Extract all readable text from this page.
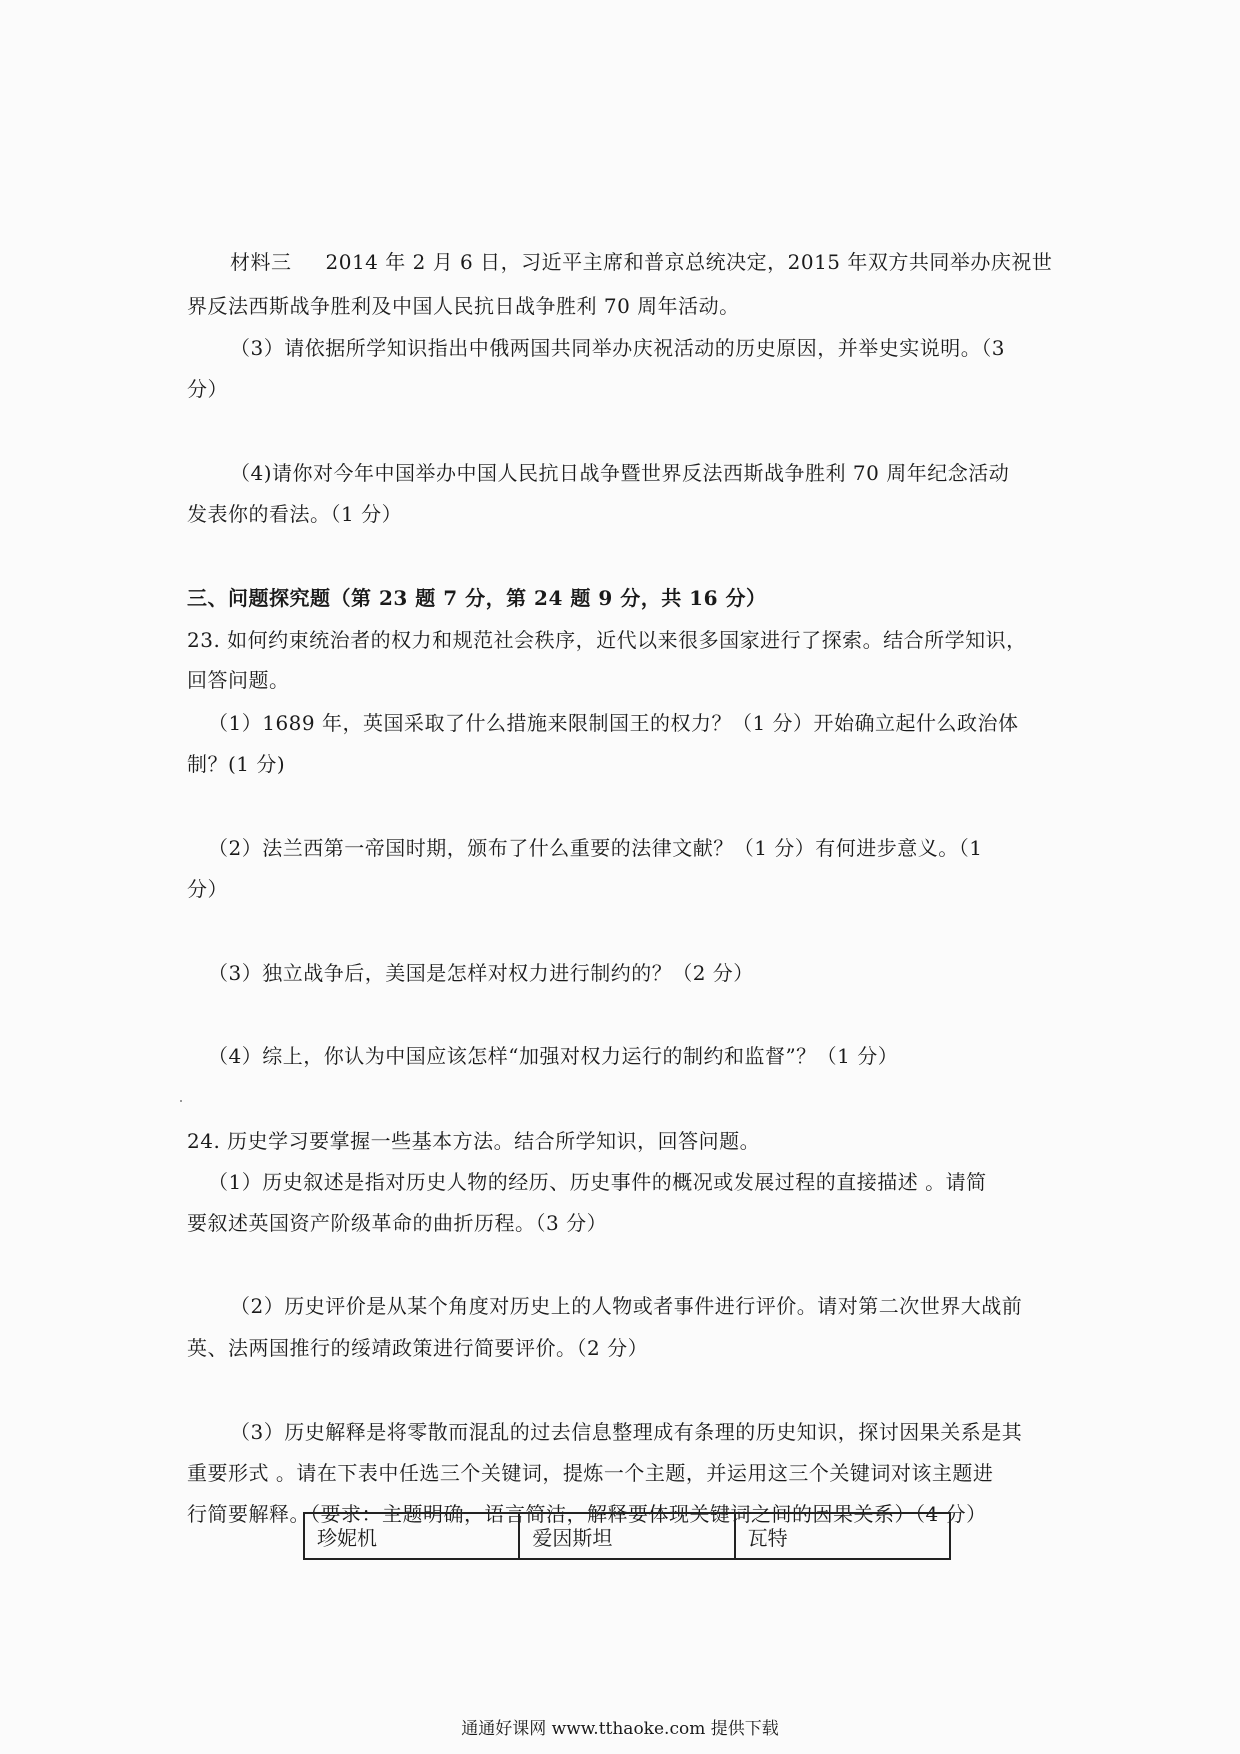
材料三 2014 年 2 月 6 日，习近平主席和普京总统决定，2015 年双方共同举办庆祝世

界反法西斯战争胜利及中国人民抗日战争胜利 70 周年活动。

（3）请依据所学知识指出中俄两国共同举办庆祝活动的历史原因，并举史实说明。（3

分）

（4)请你对今年中国举办中国人民抗日战争暨世界反法西斯战争胜利 70 周年纪念活动

发表你的看法。（1 分）

三、问题探究题（第 23 题 7 分，第 24 题 9 分，共 16 分）

23. 如何约束统治者的权力和规范社会秩序，近代以来很多国家进行了探索。结合所学知识，

回答问题。

（1）1689 年，英国采取了什么措施来限制国王的权力？（1 分）开始确立起什么政治体

制？(1 分)

（2）法兰西第一帝国时期，颁布了什么重要的法律文献？（1 分）有何进步意义。（1

分）

（3）独立战争后，美国是怎样对权力进行制约的？（2 分）

（4）综上，你认为中国应该怎样“加强对权力运行的制约和监督”？（1 分）

24. 历史学习要掌握一些基本方法。结合所学知识，回答问题。

（1）历史叙述是指对历史人物的经历、历史事件的概况或发展过程的直接描述 。请简

要叙述英国资产阶级革命的曲折历程。（3 分）

（2）历史评价是从某个角度对历史上的人物或者事件进行评价。请对第二次世界大战前

英、法两国推行的绥靖政策进行简要评价。（2 分）

（3）历史解释是将零散而混乱的过去信息整理成有条理的历史知识，探讨因果关系是其

重要形式 。请在下表中任选三个关键词，提炼一个主题，并运用这三个关键词对该主题进

行简要解释。（要求：主题明确，语言简洁，解释要体现关键词之间的因果关系）（4 分）

珍妮机	爱因斯坦	瓦特

通通好课网 www.tthaoke.com 提供下载
